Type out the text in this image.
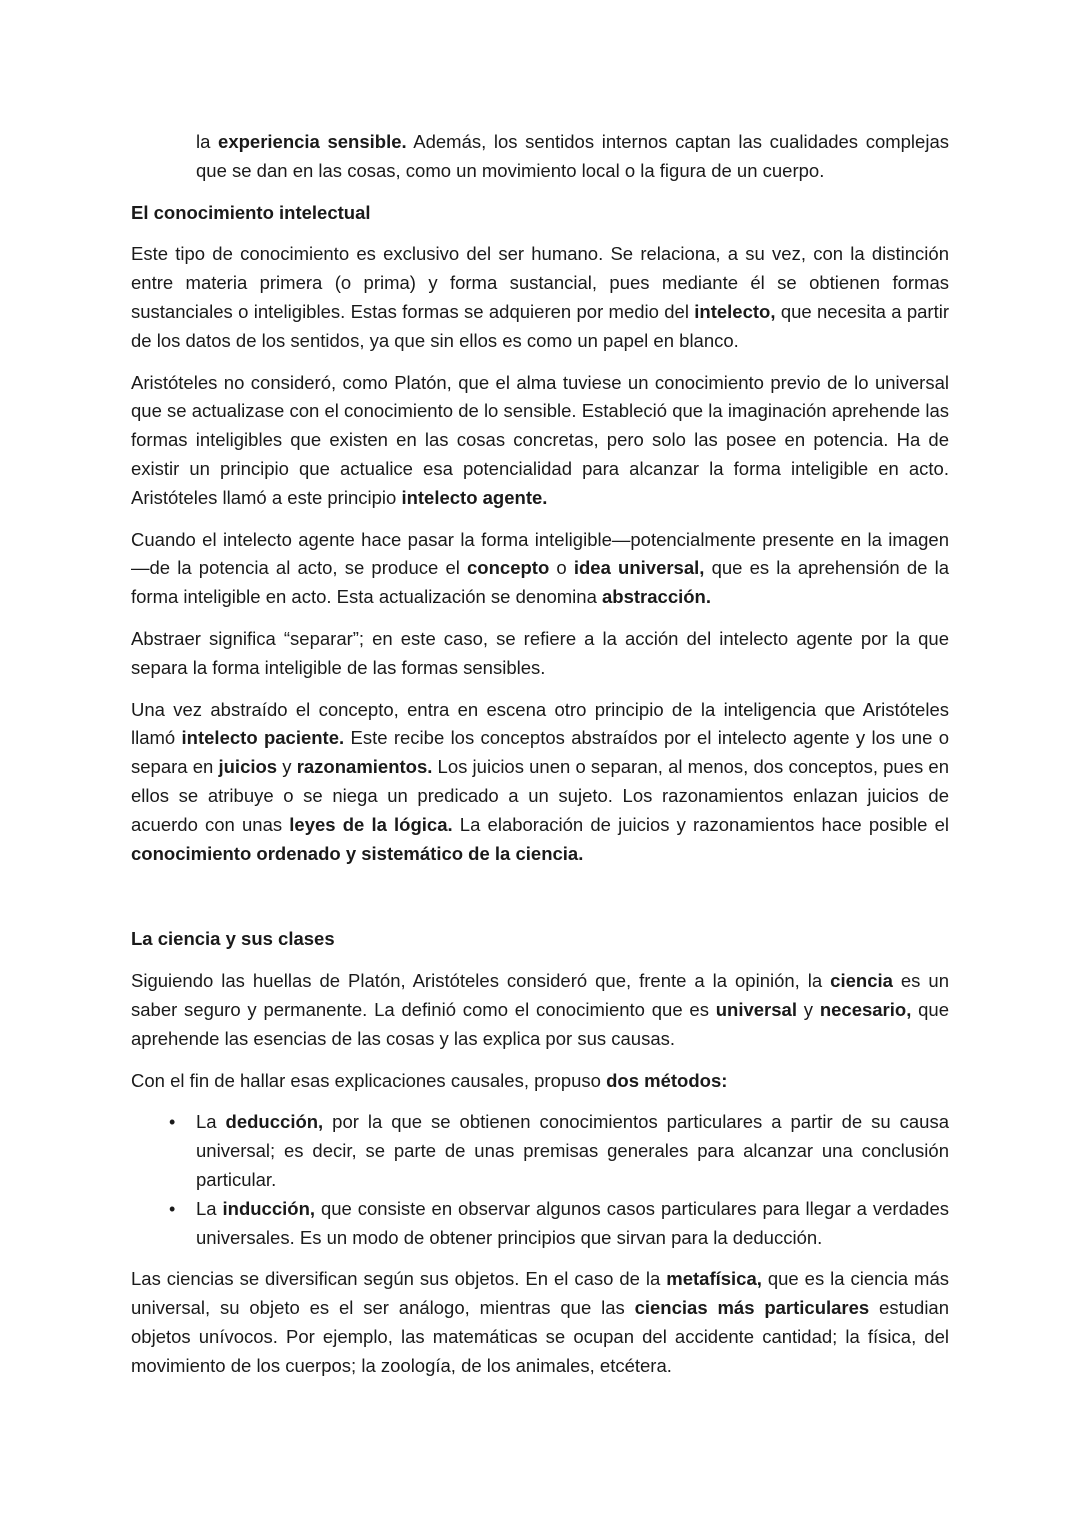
la experiencia sensible. Además, los sentidos internos captan las cualidades complejas que se dan en las cosas, como un movimiento local o la figura de un cuerpo.

El conocimiento intelectual

Este tipo de conocimiento es exclusivo del ser humano. Se relaciona, a su vez, con la distinción entre materia primera (o prima) y forma sustancial, pues mediante él se obtienen formas sustanciales o inteligibles. Estas formas se adquieren por medio del intelecto, que necesita a partir de los datos de los sentidos, ya que sin ellos es como un papel en blanco.

Aristóteles no consideró, como Platón, que el alma tuviese un conocimiento previo de lo universal que se actualizase con el conocimiento de lo sensible. Estableció que la imaginación aprehende las formas inteligibles que existen en las cosas concretas, pero solo las posee en potencia. Ha de existir un principio que actualice esa potencialidad para alcanzar la forma inteligible en acto. Aristóteles llamó a este principio intelecto agente.

Cuando el intelecto agente hace pasar la forma inteligible—potencialmente presente en la imagen—de la potencia al acto, se produce el concepto o idea universal, que es la aprehensión de la forma inteligible en acto. Esta actualización se denomina abstracción.

Abstraer significa “separar”; en este caso, se refiere a la acción del intelecto agente por la que separa la forma inteligible de las formas sensibles.

Una vez abstraído el concepto, entra en escena otro principio de la inteligencia que Aristóteles llamó intelecto paciente. Este recibe los conceptos abstraídos por el intelecto agente y los une o separa en juicios y razonamientos. Los juicios unen o separan, al menos, dos conceptos, pues en ellos se atribuye o se niega un predicado a un sujeto. Los razonamientos enlazan juicios de acuerdo con unas leyes de la lógica. La elaboración de juicios y razonamientos hace posible el conocimiento ordenado y sistemático de la ciencia.

La ciencia y sus clases

Siguiendo las huellas de Platón, Aristóteles consideró que, frente a la opinión, la ciencia es un saber seguro y permanente. La definió como el conocimiento que es universal y necesario, que aprehende las esencias de las cosas y las explica por sus causas.

Con el fin de hallar esas explicaciones causales, propuso dos métodos:

• La deducción, por la que se obtienen conocimientos particulares a partir de su causa universal; es decir, se parte de unas premisas generales para alcanzar una conclusión particular.
• La inducción, que consiste en observar algunos casos particulares para llegar a verdades universales. Es un modo de obtener principios que sirvan para la deducción.

Las ciencias se diversifican según sus objetos. En el caso de la metafísica, que es la ciencia más universal, su objeto es el ser análogo, mientras que las ciencias más particulares estudian objetos unívocos. Por ejemplo, las matemáticas se ocupan del accidente cantidad; la física, del movimiento de los cuerpos; la zoología, de los animales, etcétera.
